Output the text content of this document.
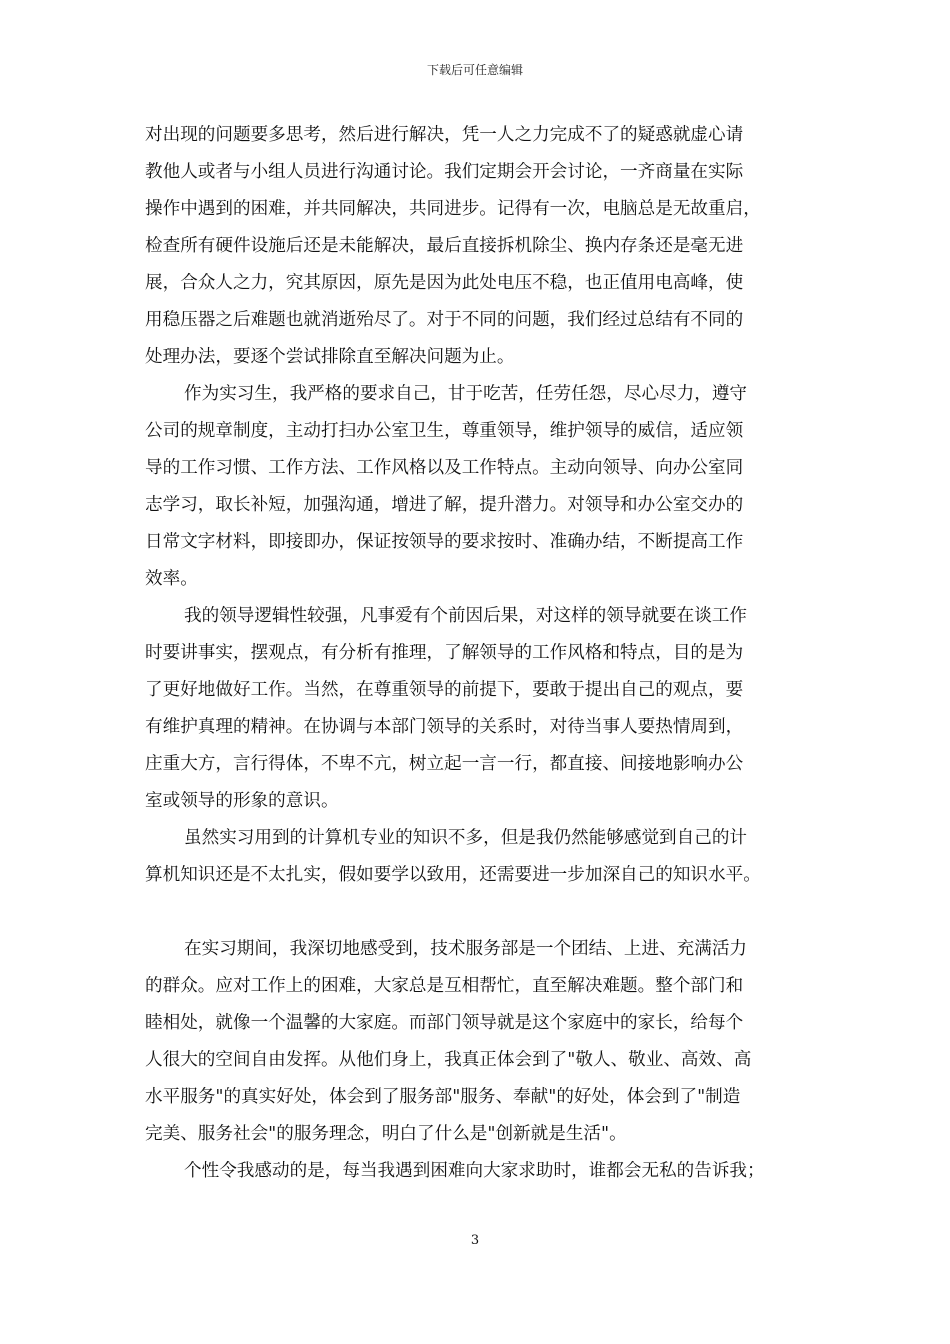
下载后可任意编辑
对出现的问题要多思考，然后进行解决，凭一人之力完成不了的疑惑就虚心请
教他人或者与小组人员进行沟通讨论。我们定期会开会讨论，一齐商量在实际
操作中遇到的困难，并共同解决，共同进步。记得有一次，电脑总是无故重启，
检查所有硬件设施后还是未能解决，最后直接拆机除尘、换内存条还是毫无进
展，合众人之力，究其原因，原先是因为此处电压不稳，也正值用电高峰，使
用稳压器之后难题也就消逝殆尽了。对于不同的问题，我们经过总结有不同的
处理办法，要逐个尝试排除直至解决问题为止。
作为实习生，我严格的要求自己，甘于吃苦，任劳任怨，尽心尽力，遵守
公司的规章制度，主动打扫办公室卫生，尊重领导，维护领导的威信，适应领
导的工作习惯、工作方法、工作风格以及工作特点。主动向领导、向办公室同
志学习，取长补短，加强沟通，增进了解，提升潜力。对领导和办公室交办的
日常文字材料，即接即办，保证按领导的要求按时、准确办结，不断提高工作
效率。
我的领导逻辑性较强，凡事爱有个前因后果，对这样的领导就要在谈工作
时要讲事实，摆观点，有分析有推理，了解领导的工作风格和特点，目的是为
了更好地做好工作。当然，在尊重领导的前提下，要敢于提出自己的观点，要
有维护真理的精神。在协调与本部门领导的关系时，对待当事人要热情周到，
庄重大方，言行得体，不卑不亢，树立起一言一行，都直接、间接地影响办公
室或领导的形象的意识。
虽然实习用到的计算机专业的知识不多，但是我仍然能够感觉到自己的计
算机知识还是不太扎实，假如要学以致用，还需要进一步加深自己的知识水平。
在实习期间，我深切地感受到，技术服务部是一个团结、上进、充满活力
的群众。应对工作上的困难，大家总是互相帮忙，直至解决难题。整个部门和
睦相处，就像一个温馨的大家庭。而部门领导就是这个家庭中的家长，给每个
人很大的空间自由发挥。从他们身上，我真正体会到了"敬人、敬业、高效、高
水平服务"的真实好处，体会到了服务部"服务、奉献"的好处，体会到了"制造
完美、服务社会"的服务理念，明白了什么是"创新就是生活"。
个性令我感动的是，每当我遇到困难向大家求助时，谁都会无私的告诉我；
3
